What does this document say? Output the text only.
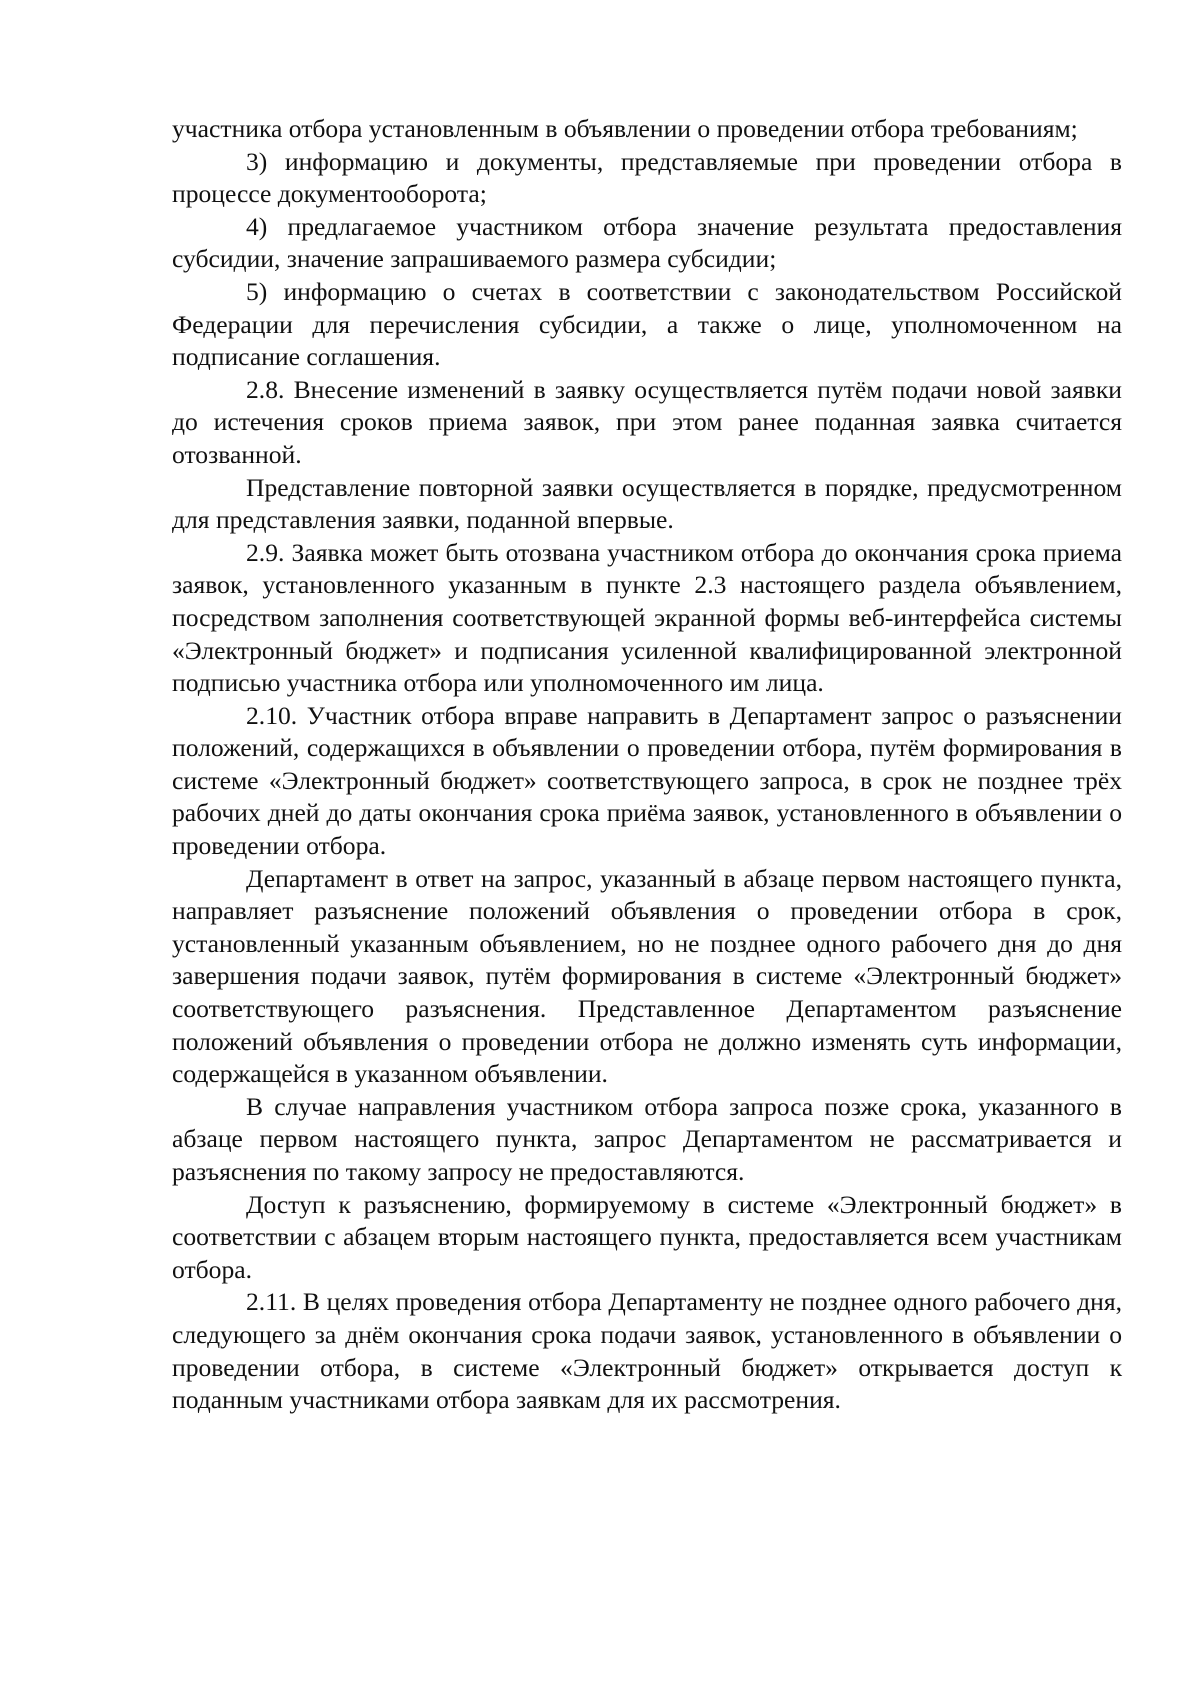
участника отбора установленным в объявлении о проведении отбора требованиям;

3) информацию и документы, представляемые при проведении отбора в процессе документооборота;

4) предлагаемое участником отбора значение результата предоставления субсидии, значение запрашиваемого размера субсидии;

5) информацию о счетах в соответствии с законодательством Российской Федерации для перечисления субсидии, а также о лице, уполномоченном на подписание соглашения.

2.8. Внесение изменений в заявку осуществляется путём подачи новой заявки до истечения сроков приема заявок, при этом ранее поданная заявка считается отозванной.

Представление повторной заявки осуществляется в порядке, предусмотренном для представления заявки, поданной впервые.

2.9. Заявка может быть отозвана участником отбора до окончания срока приема заявок, установленного указанным в пункте 2.3 настоящего раздела объявлением, посредством заполнения соответствующей экранной формы веб-интерфейса системы «Электронный бюджет» и подписания усиленной квалифицированной электронной подписью участника отбора или уполномоченного им лица.

2.10. Участник отбора вправе направить в Департамент запрос о разъяснении положений, содержащихся в объявлении о проведении отбора, путём формирования в системе «Электронный бюджет» соответствующего запроса, в срок не позднее трёх рабочих дней до даты окончания срока приёма заявок, установленного в объявлении о проведении отбора.

Департамент в ответ на запрос, указанный в абзаце первом настоящего пункта, направляет разъяснение положений объявления о проведении отбора в срок, установленный указанным объявлением, но не позднее одного рабочего дня до дня завершения подачи заявок, путём формирования в системе «Электронный бюджет» соответствующего разъяснения. Представленное Департаментом разъяснение положений объявления о проведении отбора не должно изменять суть информации, содержащейся в указанном объявлении.

В случае направления участником отбора запроса позже срока, указанного в абзаце первом настоящего пункта, запрос Департаментом не рассматривается и разъяснения по такому запросу не предоставляются.

Доступ к разъяснению, формируемому в системе «Электронный бюджет» в соответствии с абзацем вторым настоящего пункта, предоставляется всем участникам отбора.

2.11. В целях проведения отбора Департаменту не позднее одного рабочего дня, следующего за днём окончания срока подачи заявок, установленного в объявлении о проведении отбора, в системе «Электронный бюджет» открывается доступ к поданным участниками отбора заявкам для их рассмотрения.
